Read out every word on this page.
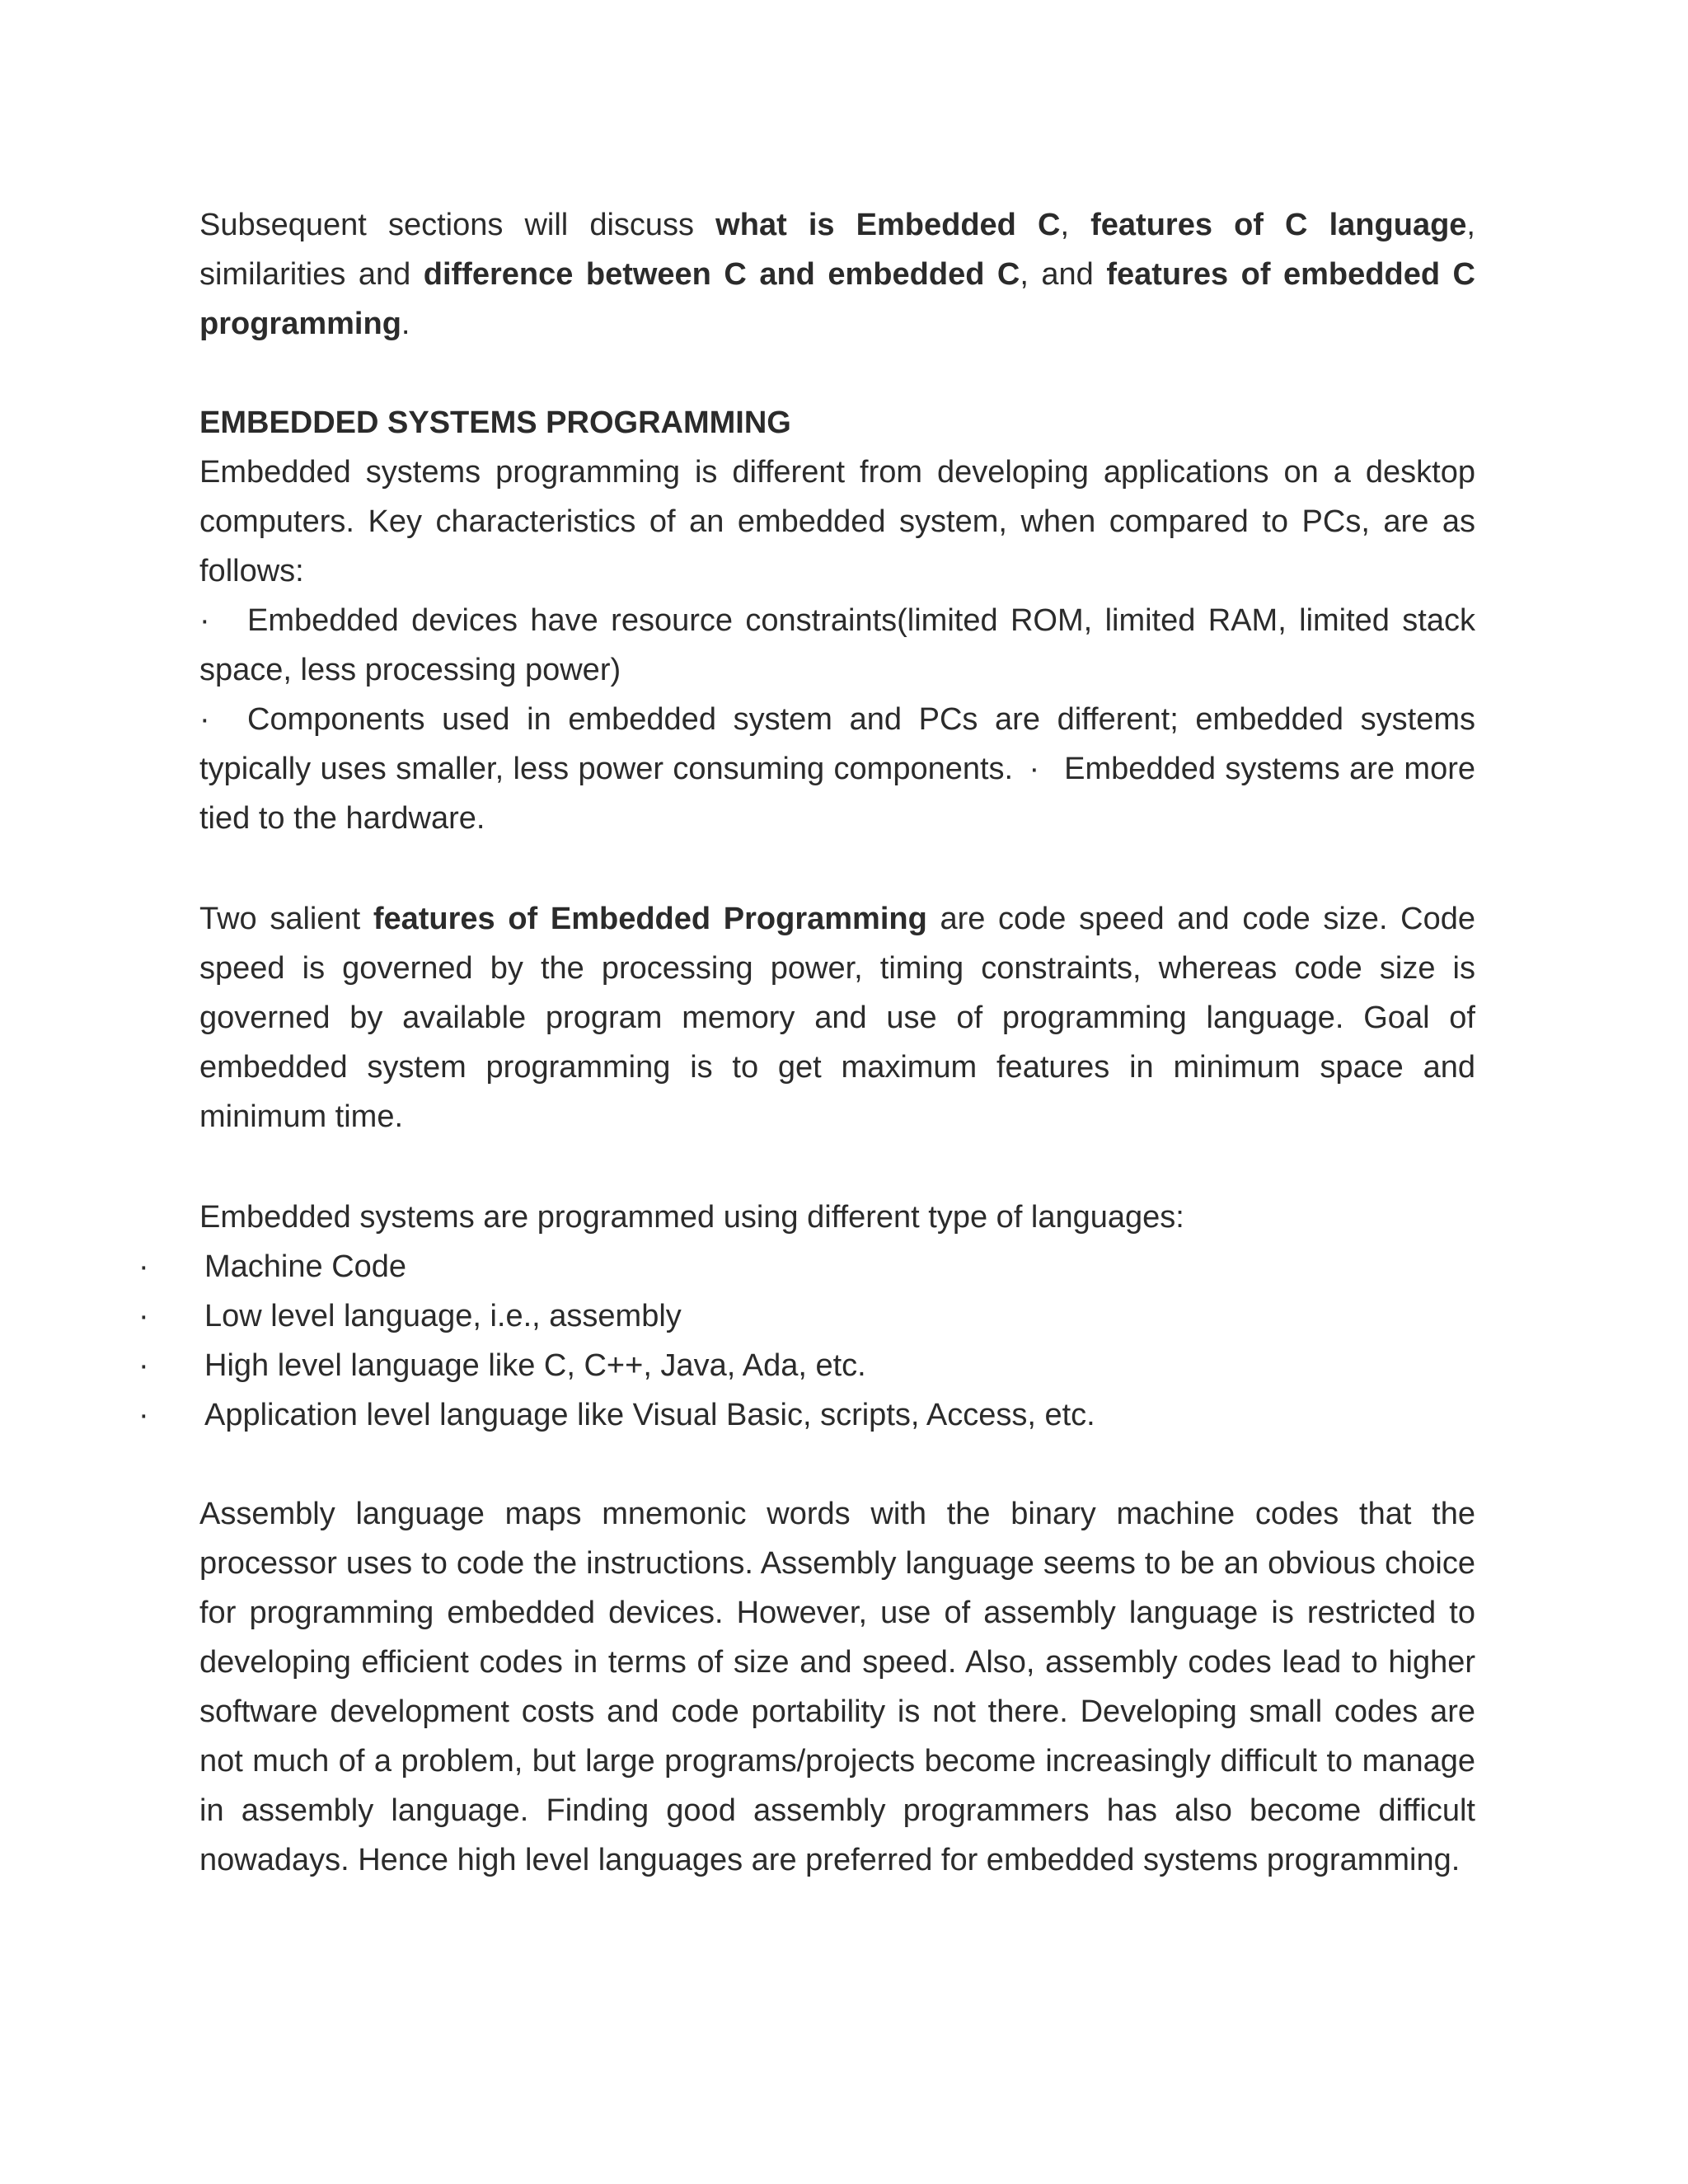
Subsequent sections will discuss what is Embedded C, features of C language, similarities and difference between C and embedded C, and features of embedded C programming.
EMBEDDED SYSTEMS PROGRAMMING
Embedded systems programming is different from developing applications on a desktop computers. Key characteristics of an embedded system, when compared to PCs, are as follows:
· Embedded devices have resource constraints(limited ROM, limited RAM, limited stack space, less processing power)
· Components used in embedded system and PCs are different; embedded systems typically uses smaller, less power consuming components. · Embedded systems are more tied to the hardware.
Two salient features of Embedded Programming are code speed and code size. Code speed is governed by the processing power, timing constraints, whereas code size is governed by available program memory and use of programming language. Goal of embedded system programming is to get maximum features in minimum space and minimum time.
Embedded systems are programmed using different type of languages:
· Machine Code
· Low level language, i.e., assembly
· High level language like C, C++, Java, Ada, etc.
· Application level language like Visual Basic, scripts, Access, etc.
Assembly language maps mnemonic words with the binary machine codes that the processor uses to code the instructions. Assembly language seems to be an obvious choice for programming embedded devices. However, use of assembly language is restricted to developing efficient codes in terms of size and speed. Also, assembly codes lead to higher software development costs and code portability is not there. Developing small codes are not much of a problem, but large programs/projects become increasingly difficult to manage in assembly language. Finding good assembly programmers has also become difficult nowadays. Hence high level languages are preferred for embedded systems programming.
